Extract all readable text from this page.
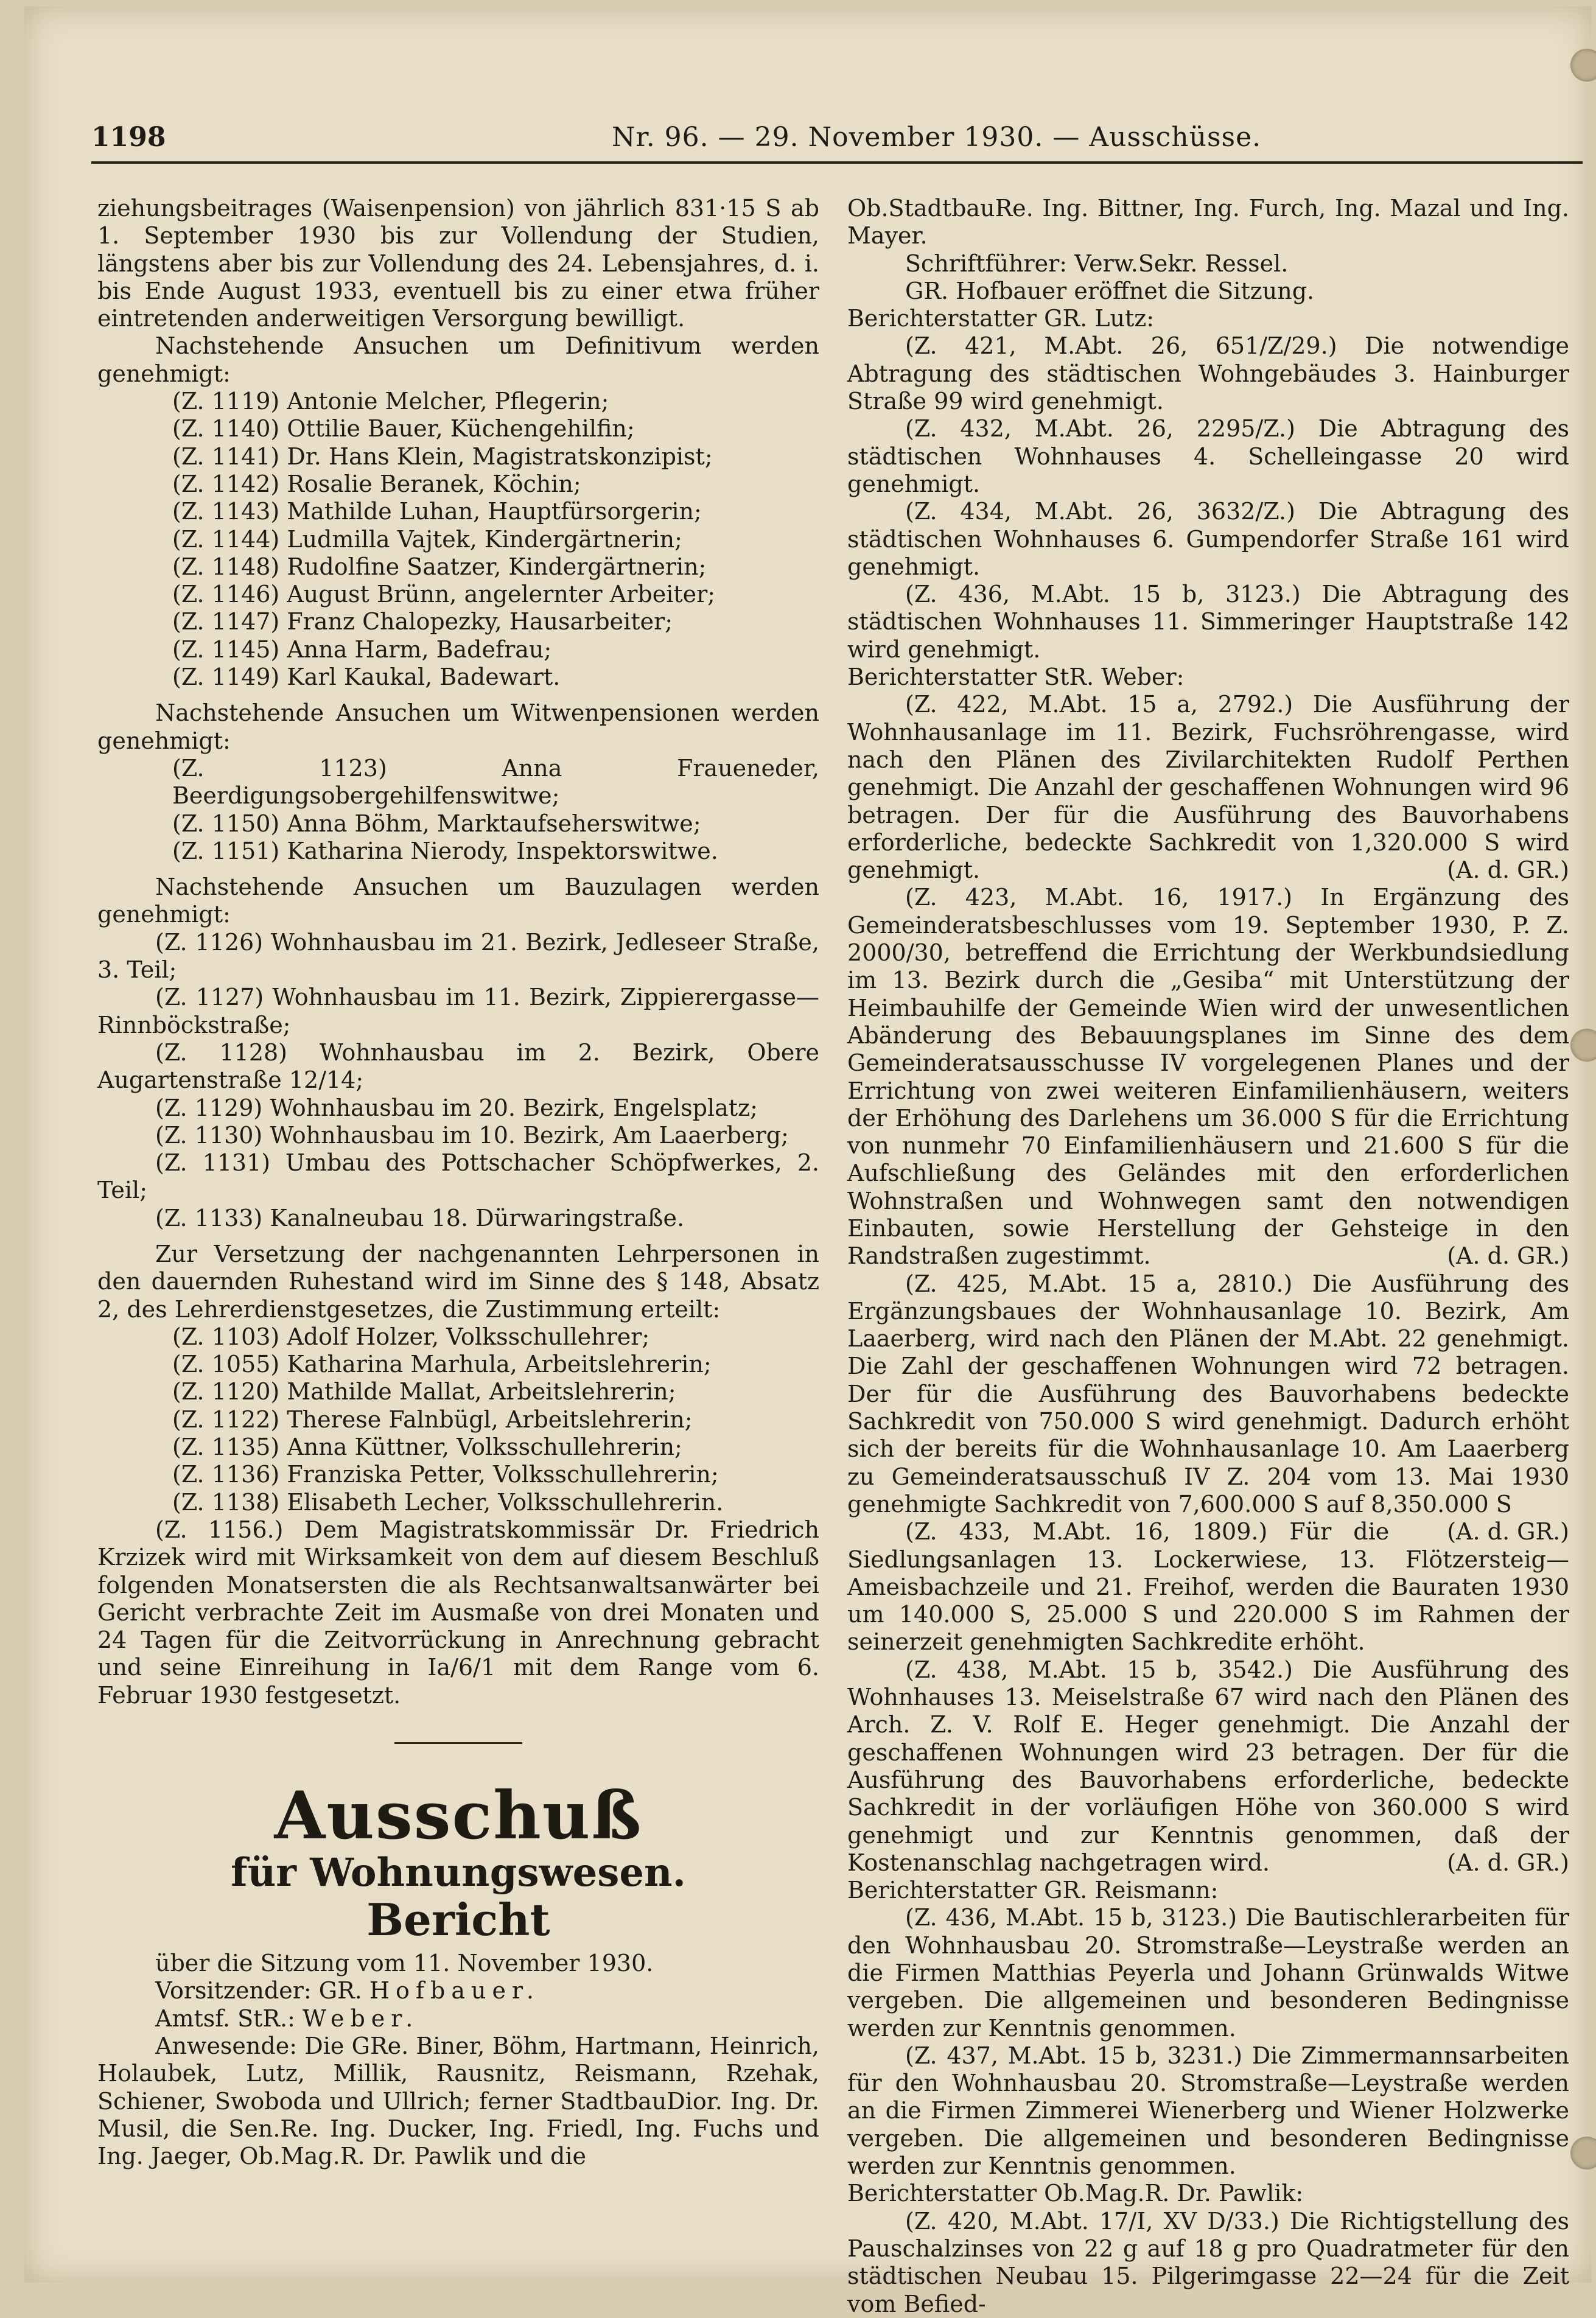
1198	Nr. 96. — 29. November 1930. — Ausschüsse.

ziehungsbeitrages (Waisenpension) von jährlich 831·15 S ab 1. September 1930 bis zur Vollendung der Studien, längstens aber bis zur Vollendung des 24. Lebensjahres, d. i. bis Ende August 1933, eventuell bis zu einer etwa früher eintretenden anderweitigen Versorgung bewilligt.

Nachstehende Ansuchen um Definitivum werden genehmigt:

(Z. 1119) Antonie Melcher, Pflegerin;

(Z. 1140) Ottilie Bauer, Küchengehilfin;

(Z. 1141) Dr. Hans Klein, Magistratskonzipist;

(Z. 1142) Rosalie Beranek, Köchin;

(Z. 1143) Mathilde Luhan, Hauptfürsorgerin;

(Z. 1144) Ludmilla Vajtek, Kindergärtnerin;

(Z. 1148) Rudolfine Saatzer, Kindergärtnerin;

(Z. 1146) August Brünn, angelernter Arbeiter;

(Z. 1147) Franz Chalopezky, Hausarbeiter;

(Z. 1145) Anna Harm, Badefrau;

(Z. 1149) Karl Kaukal, Badewart.

Nachstehende Ansuchen um Witwenpensionen werden genehmigt:

(Z. 1123) Anna Fraueneder, Beerdigungsobergehilfenswitwe;

(Z. 1150) Anna Böhm, Marktaufseherswitwe;

(Z. 1151) Katharina Nierody, Inspektorswitwe.

Nachstehende Ansuchen um Bauzulagen werden genehmigt:

(Z. 1126) Wohnhausbau im 21. Bezirk, Jedleseer Straße, 3. Teil;

(Z. 1127) Wohnhausbau im 11. Bezirk, Zippierergasse—Rinnböckstraße;

(Z. 1128) Wohnhausbau im 2. Bezirk, Obere Augartenstraße 12/14;

(Z. 1129) Wohnhausbau im 20. Bezirk, Engelsplatz;

(Z. 1130) Wohnhausbau im 10. Bezirk, Am Laaerberg;

(Z. 1131) Umbau des Pottschacher Schöpfwerkes, 2. Teil;

(Z. 1133) Kanalneubau 18. Dürwaringstraße.

Zur Versetzung der nachgenannten Lehrpersonen in den dauernden Ruhestand wird im Sinne des § 148, Absatz 2, des Lehrerdienstgesetzes, die Zustimmung erteilt:

(Z. 1103) Adolf Holzer, Volksschullehrer;

(Z. 1055) Katharina Marhula, Arbeitslehrerin;

(Z. 1120) Mathilde Mallat, Arbeitslehrerin;

(Z. 1122) Therese Falnbügl, Arbeitslehrerin;

(Z. 1135) Anna Küttner, Volksschullehrerin;

(Z. 1136) Franziska Petter, Volksschullehrerin;

(Z. 1138) Elisabeth Lecher, Volksschullehrerin.

(Z. 1156.) Dem Magistratskommissär Dr. Friedrich Krzizek wird mit Wirksamkeit von dem auf diesem Beschluß folgenden Monatsersten die als Rechtsanwaltsanwärter bei Gericht verbrachte Zeit im Ausmaße von drei Monaten und 24 Tagen für die Zeitvorrückung in Anrechnung gebracht und seine Einreihung in Ia/6/1 mit dem Range vom 6. Februar 1930 festgesetzt.

Ausschuß
für Wohnungswesen.
Bericht

über die Sitzung vom 11. November 1930.

Vorsitzender: GR. Hofbauer.

Amtsf. StR.: Weber.

Anwesende: Die GRe. Biner, Böhm, Hartmann, Heinrich, Holaubek, Lutz, Millik, Rausnitz, Reismann, Rzehak, Schiener, Swoboda und Ullrich; ferner StadtbauDior. Ing. Dr. Musil, die Sen.Re. Ing. Ducker, Ing. Friedl, Ing. Fuchs und Ing. Jaeger, Ob.Mag.R. Dr. Pawlik und die

Ob.StadtbauRe. Ing. Bittner, Ing. Furch, Ing. Mazal und Ing. Mayer.

Schriftführer: Verw.Sekr. Ressel.

GR. Hofbauer eröffnet die Sitzung.

Berichterstatter GR. Lutz:

(Z. 421, M.Abt. 26, 651/Z/29.) Die notwendige Abtragung des städtischen Wohngebäudes 3. Hainburger Straße 99 wird genehmigt.

(Z. 432, M.Abt. 26, 2295/Z.) Die Abtragung des städtischen Wohnhauses 4. Schelleingasse 20 wird genehmigt.

(Z. 434, M.Abt. 26, 3632/Z.) Die Abtragung des städtischen Wohnhauses 6. Gumpendorfer Straße 161 wird genehmigt.

(Z. 436, M.Abt. 15 b, 3123.) Die Abtragung des städtischen Wohnhauses 11. Simmeringer Hauptstraße 142 wird genehmigt.

Berichterstatter StR. Weber:

(Z. 422, M.Abt. 15 a, 2792.) Die Ausführung der Wohnhausanlage im 11. Bezirk, Fuchsröhrengasse, wird nach den Plänen des Zivilarchitekten Rudolf Perthen genehmigt. Die Anzahl der geschaffenen Wohnungen wird 96 betragen. Der für die Ausführung des Bauvorhabens erforderliche, bedeckte Sachkredit von 1,320.000 S wird genehmigt.	(A. d. GR.)

(Z. 423, M.Abt. 16, 1917.) In Ergänzung des Gemeinderatsbeschlusses vom 19. September 1930, P. Z. 2000/30, betreffend die Errichtung der Werkbundsiedlung im 13. Bezirk durch die „Gesiba“ mit Unterstützung der Heimbauhilfe der Gemeinde Wien wird der unwesentlichen Abänderung des Bebauungsplanes im Sinne des dem Gemeinderatsausschusse IV vorgelegenen Planes und der Errichtung von zwei weiteren Einfamilienhäusern, weiters der Erhöhung des Darlehens um 36.000 S für die Errichtung von nunmehr 70 Einfamilienhäusern und 21.600 S für die Aufschließung des Geländes mit den erforderlichen Wohnstraßen und Wohnwegen samt den notwendigen Einbauten, sowie Herstellung der Gehsteige in den Randstraßen zugestimmt.	(A. d. GR.)

(Z. 425, M.Abt. 15 a, 2810.) Die Ausführung des Ergänzungsbaues der Wohnhausanlage 10. Bezirk, Am Laaerberg, wird nach den Plänen der M.Abt. 22 genehmigt. Die Zahl der geschaffenen Wohnungen wird 72 betragen. Der für die Ausführung des Bauvorhabens bedeckte Sachkredit von 750.000 S wird genehmigt. Dadurch erhöht sich der bereits für die Wohnhausanlage 10. Am Laaerberg zu Gemeinderatsausschuß IV Z. 204 vom 13. Mai 1930 genehmigte Sachkredit von 7,600.000 S auf 8,350.000 S
(A. d. GR.)

(Z. 433, M.Abt. 16, 1809.) Für die Siedlungsanlagen 13. Lockerwiese, 13. Flötzersteig—Ameisbachzeile und 21. Freihof, werden die Bauraten 1930 um 140.000 S, 25.000 S und 220.000 S im Rahmen der seinerzeit genehmigten Sachkredite erhöht.

(Z. 438, M.Abt. 15 b, 3542.) Die Ausführung des Wohnhauses 13. Meiselstraße 67 wird nach den Plänen des Arch. Z. V. Rolf E. Heger genehmigt. Die Anzahl der geschaffenen Wohnungen wird 23 betragen. Der für die Ausführung des Bauvorhabens erforderliche, bedeckte Sachkredit in der vorläufigen Höhe von 360.000 S wird genehmigt und zur Kenntnis genommen, daß der Kostenanschlag nachgetragen wird.	(A. d. GR.)

Berichterstatter GR. Reismann:

(Z. 436, M.Abt. 15 b, 3123.) Die Bautischlerarbeiten für den Wohnhausbau 20. Stromstraße—Leystraße werden an die Firmen Matthias Peyerla und Johann Grünwalds Witwe vergeben. Die allgemeinen und besonderen Bedingnisse werden zur Kenntnis genommen.

(Z. 437, M.Abt. 15 b, 3231.) Die Zimmermannsarbeiten für den Wohnhausbau 20. Stromstraße—Leystraße werden an die Firmen Zimmerei Wienerberg und Wiener Holzwerke vergeben. Die allgemeinen und besonderen Bedingnisse werden zur Kenntnis genommen.

Berichterstatter Ob.Mag.R. Dr. Pawlik:

(Z. 420, M.Abt. 17/I, XV D/33.) Die Richtigstellung des Pauschalzinses von 22 g auf 18 g pro Quadratmeter für den städtischen Neubau 15. Pilgerimgasse 22—24 für die Zeit vom Befied-
